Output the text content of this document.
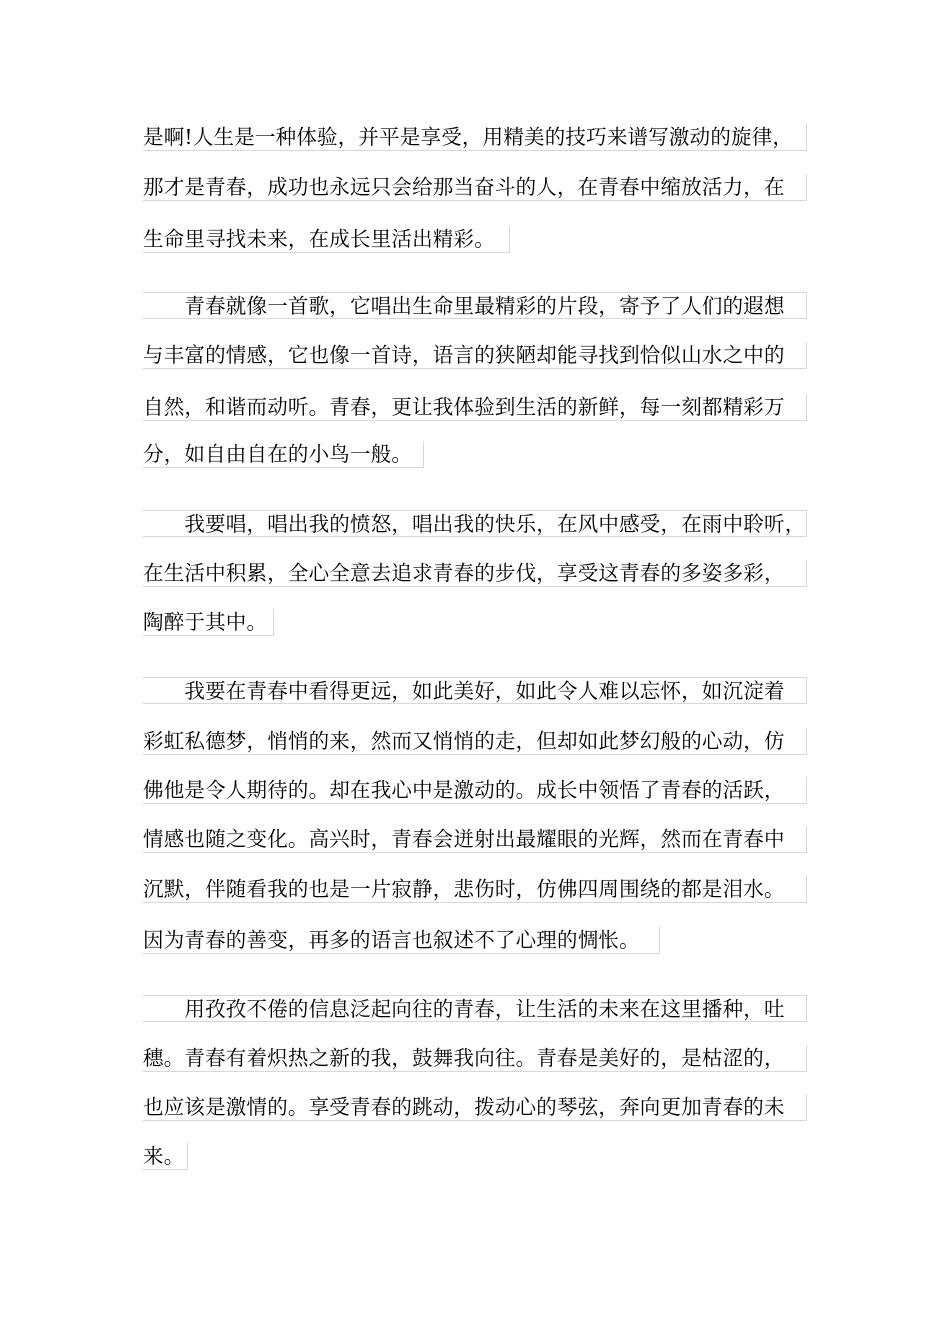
是啊!人生是一种体验，并平是享受，用精美的技巧来谱写激动的旋律，
那才是青春，成功也永远只会给那当奋斗的人，在青春中缩放活力，在
生命里寻找未来，在成长里活出精彩。
　　青春就像一首歌，它唱出生命里最精彩的片段，寄予了人们的遐想
与丰富的情感，它也像一首诗，语言的狭陋却能寻找到恰似山水之中的
自然，和谐而动听。青春，更让我体验到生活的新鲜，每一刻都精彩万
分，如自由自在的小鸟一般。
　　我要唱，唱出我的愤怒，唱出我的快乐，在风中感受，在雨中聆听，
在生活中积累，全心全意去追求青春的步伐，享受这青春的多姿多彩，
陶醉于其中。
　　我要在青春中看得更远，如此美好，如此令人难以忘怀，如沉淀着
彩虹私德梦，悄悄的来，然而又悄悄的走，但却如此梦幻般的心动，仿
佛他是令人期待的。却在我心中是激动的。成长中领悟了青春的活跃，
情感也随之变化。高兴时，青春会迸射出最耀眼的光辉，然而在青春中
沉默，伴随看我的也是一片寂静，悲伤时，仿佛四周围绕的都是泪水。
因为青春的善变，再多的语言也叙述不了心理的惆怅。
　　用孜孜不倦的信息泛起向往的青春，让生活的未来在这里播种，吐
穗。青春有着炽热之新的我，鼓舞我向往。青春是美好的，是枯涩的，
也应该是激情的。享受青春的跳动，拨动心的琴弦，奔向更加青春的未
来。
